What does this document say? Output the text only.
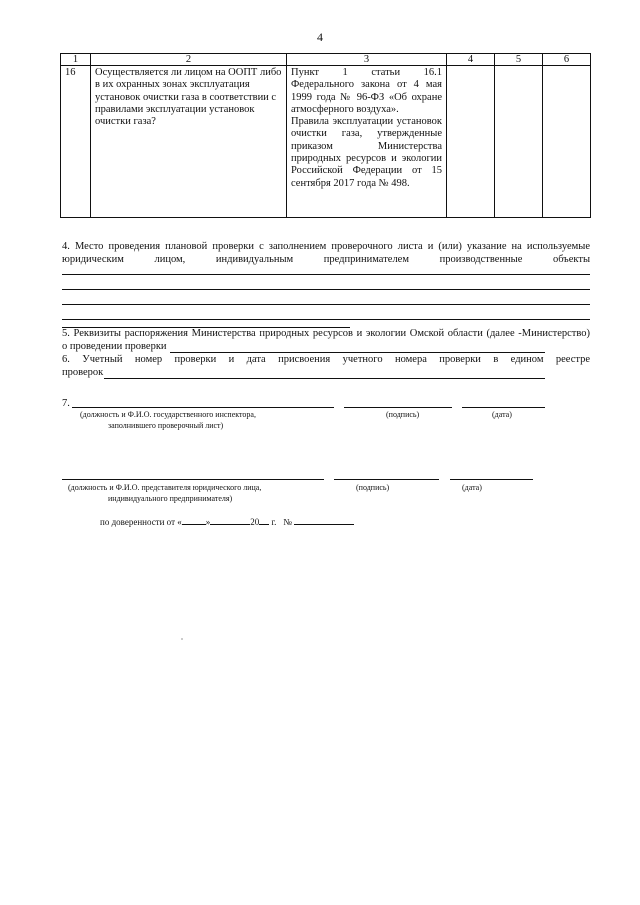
4
1	2	3	4	5	6
16	Осуществляется ли лицом на ООПТ либо в их охранных зонах эксплуатация установок очистки газа в соответствии с правилами эксплуатации установок очистки газа?	Пункт 1 статьи 16.1 Федерального закона от 4 мая 1999 года № 96-ФЗ «Об охране атмосферного воздуха».
Правила эксплуатации установок очистки газа, утвержденные приказом Министерства природных ресурсов и экологии Российской Федерации от 15 сентября 2017 года № 498.			

4. Место проведения плановой проверки с заполнением проверочного листа и (или) указание на используемые
юридическим лицом, индивидуальным предпринимателем производственные объекты
5. Реквизиты распоряжения Министерства природных ресурсов и экологии Омской области (далее -Министерство)
о проведении проверки
6. Учетный номер проверки и дата присвоения учетного номера проверки в едином реестре
проверок
7.
(должность и Ф.И.О. государственного инспектора,
заполнившего проверочный лист)
(подпись)	(дата)
(должность и Ф.И.О. представителя юридического лица,
индивидуального предпринимателя)
(подпись)	(дата)
по доверенности от «	»	20 г. №
